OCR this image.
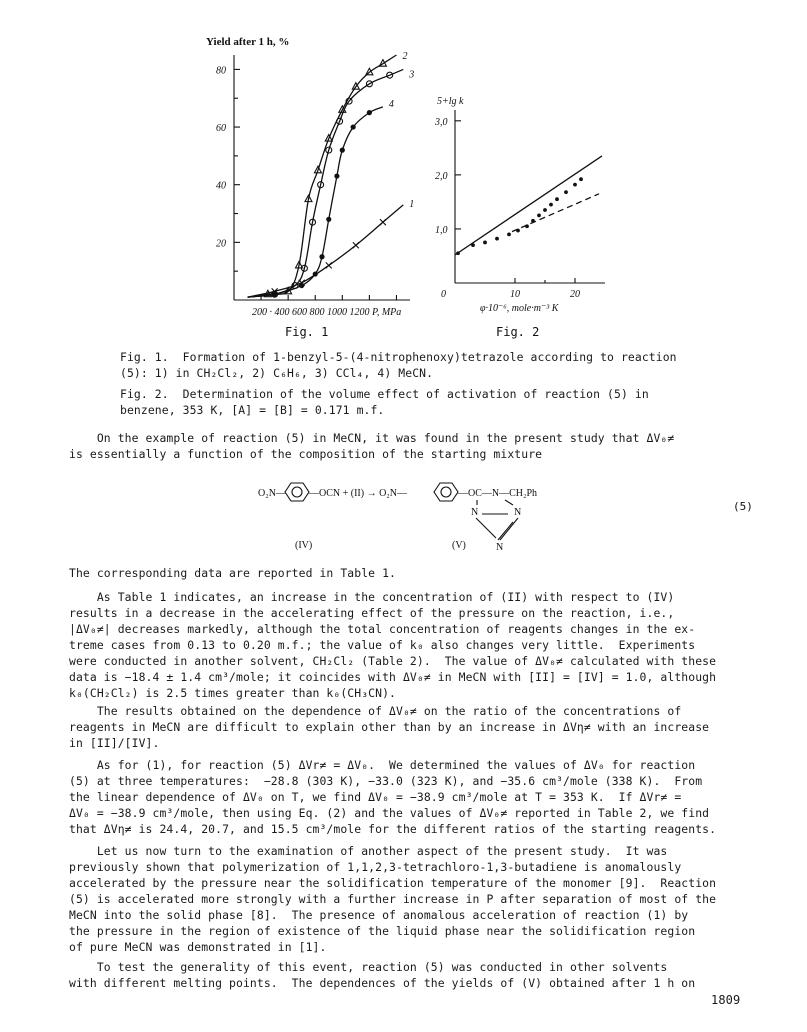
Yield after 1 h, %
20
40
60
80
1
2
3
4
200 · 400 600 800 1000 1200 P, MPa
Fig. 1
5+lg k
1,0
2,0
3,0
0	10	20
φ·10⁻⁶, mole·m⁻³ K
Fig. 2
Fig. 1.  Formation of 1-benzyl-5-(4-nitrophenoxy)tetrazole according to reaction
(5): 1) in CH₂Cl₂, 2) C₆H₆, 3) CCl₄, 4) MeCN.
Fig. 2.  Determination of the volume effect of activation of reaction (5) in
benzene, 353 K, [A] = [B] = 0.171 m.f.
On the example of reaction (5) in MeCN, it was found in the present study that ΔV₀≠
is essentially a function of the composition of the starting mixture
O₂N— —OCN + (II) → O₂N—	—OC—N—CH₂Ph
N	N
N
(IV)	(V)
(5)
The corresponding data are reported in Table 1.
As Table 1 indicates, an increase in the concentration of (II) with respect to (IV)
results in a decrease in the accelerating effect of the pressure on the reaction, i.e.,
|ΔV₀≠| decreases markedly, although the total concentration of reagents changes in the ex-
treme cases from 0.13 to 0.20 m.f.; the value of k₀ also changes very little.  Experiments
were conducted in another solvent, CH₂Cl₂ (Table 2).  The value of ΔV₀≠ calculated with these
data is −18.4 ± 1.4 cm³/mole; it coincides with ΔV₀≠ in MeCN with [II] = [IV] = 1.0, although
k₀(CH₂Cl₂) is 2.5 times greater than k₀(CH₃CN).
The results obtained on the dependence of ΔV₀≠ on the ratio of the concentrations of
reagents in MeCN are difficult to explain other than by an increase in ΔVη≠ with an increase
in [II]/[IV].
As for (1), for reaction (5) ΔVr≠ = ΔV₀.  We determined the values of ΔV₀ for reaction
(5) at three temperatures:  −28.8 (303 K), −33.0 (323 K), and −35.6 cm³/mole (338 K).  From
the linear dependence of ΔV₀ on T, we find ΔV₀ = −38.9 cm³/mole at T = 353 K.  If ΔVr≠ =
ΔV₀ = −38.9 cm³/mole, then using Eq. (2) and the values of ΔV₀≠ reported in Table 2, we find
that ΔVη≠ is 24.4, 20.7, and 15.5 cm³/mole for the different ratios of the starting reagents.
Let us now turn to the examination of another aspect of the present study.  It was
previously shown that polymerization of 1,1,2,3-tetrachloro-1,3-butadiene is anomalously
accelerated by the pressure near the solidification temperature of the monomer [9].  Reaction
(5) is accelerated more strongly with a further increase in P after separation of most of the
MeCN into the solid phase [8].  The presence of anomalous acceleration of reaction (1) by
the pressure in the region of existence of the liquid phase near the solidification region
of pure MeCN was demonstrated in [1].
To test the generality of this event, reaction (5) was conducted in other solvents
with different melting points.  The dependences of the yields of (V) obtained after 1 h on
1809
